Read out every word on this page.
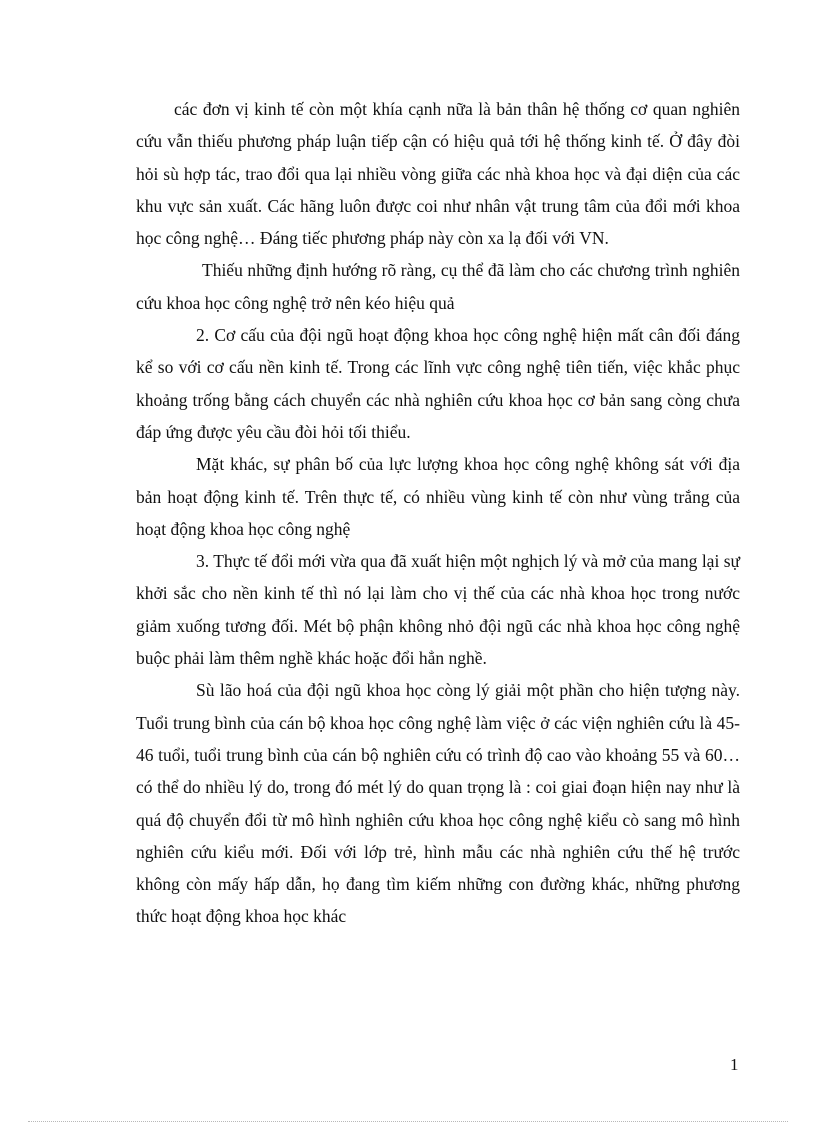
các đơn vị kinh tế còn một khía cạnh nữa là bản thân hệ thống cơ quan nghiên cứu vẫn thiếu phương pháp luận tiếp cận có hiệu quả tới hệ thống kinh tế. Ở đây đòi hỏi sù hợp tác, trao đổi qua lại nhiều vòng giữa các nhà khoa học và đại diện của các khu vực sản xuất. Các hãng luôn được coi như nhân vật trung tâm của đổi mới khoa học công nghệ… Đáng tiếc phương pháp này còn xa lạ đối với VN.

Thiếu những định hướng rõ ràng, cụ thể đã làm cho các chương trình nghiên cứu khoa học công nghệ trở nên kéo hiệu quả

2. Cơ cấu của đội ngũ hoạt động khoa học công nghệ hiện mất cân đối đáng kể so với cơ cấu nền kinh tế. Trong các lĩnh vực công nghệ tiên tiến, việc khắc phục khoảng trống bằng cách chuyển các nhà nghiên cứu khoa học cơ bản sang còng chưa đáp ứng được yêu cầu đòi hỏi tối thiểu.

Mặt khác, sự phân bố của lực lượng khoa học công nghệ không sát với địa bản hoạt động kinh tế. Trên thực tế, có nhiều vùng kinh tế còn như vùng trắng của hoạt động khoa học công nghệ

3. Thực tế đổi mới vừa qua đã xuất hiện một nghịch lý và mở của mang lại sự khởi sắc cho nền kinh tế thì nó lại làm cho vị thế của các nhà khoa học trong nước giảm xuống tương đối. Mét bộ phận không nhỏ đội ngũ các nhà khoa học công nghệ buộc phải làm thêm nghề khác hoặc đổi hẳn nghề.

Sù lão hoá của đội ngũ khoa học còng lý giải một phần cho hiện tượng này. Tuổi trung bình của cán bộ khoa học công nghệ làm việc ở các viện nghiên cứu là 45- 46 tuổi, tuổi trung bình của cán bộ nghiên cứu có trình độ cao vào khoảng 55 và 60… có thể do nhiều lý do, trong đó mét lý do quan trọng là : coi giai đoạn hiện nay như là quá độ chuyển đổi từ mô hình nghiên cứu khoa học công nghệ kiểu cò sang mô hình nghiên cứu kiểu mới. Đối với lớp trẻ, hình mẫu các nhà nghiên cứu thế hệ trước không còn mấy hấp dẫn, họ đang tìm kiếm những con đường khác, những phương thức hoạt động khoa học khác

1
